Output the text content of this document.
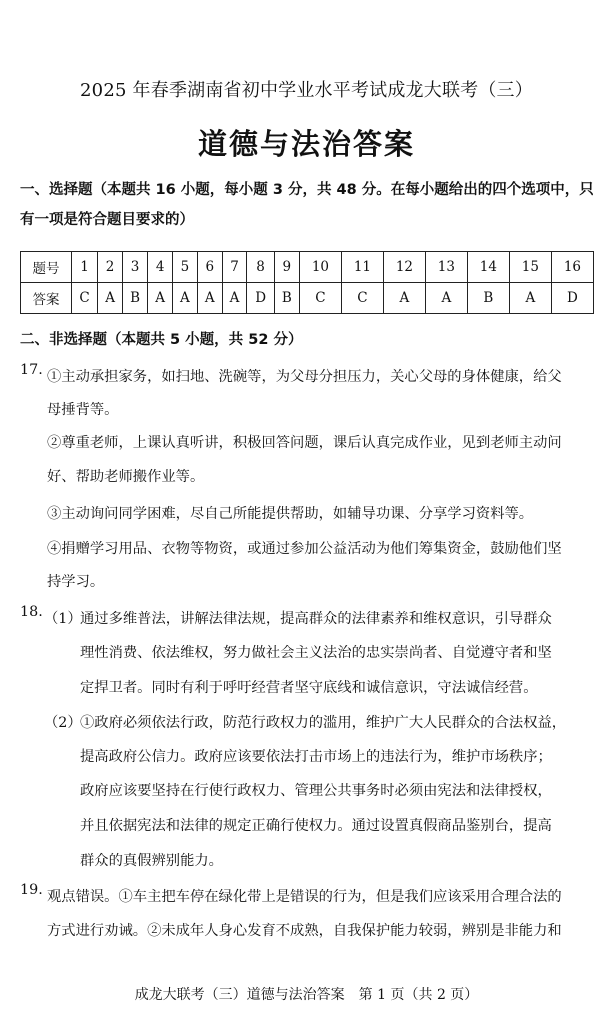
2025 年春季湖南省初中学业水平考试成龙大联考（三）
道德与法治答案
一、选择题（本题共 16 小题，每小题 3 分，共 48 分。在每小题给出的四个选项中，只
有一项是符合题目要求的）
题号	1	2	3	4	5	6	7	8	9	10	11	12	13	14	15	16
答案	C	A	B	A	A	A	A	D	B	C	C	A	A	B	A	D
二、非选择题（本题共 5 小题，共 52 分）
17. ①主动承担家务，如扫地、洗碗等，为父母分担压力，关心父母的身体健康，给父
母捶背等。
②尊重老师，上课认真听讲，积极回答问题，课后认真完成作业，见到老师主动问
好、帮助老师搬作业等。
③主动询问同学困难，尽自己所能提供帮助，如辅导功课、分享学习资料等。
④捐赠学习用品、衣物等物资，或通过参加公益活动为他们筹集资金，鼓励他们坚
持学习。
18. （1）
通过多维普法，讲解法律法规，提高群众的法律素养和维权意识，引导群众
理性消费、依法维权，努力做社会主义法治的忠实崇尚者、自觉遵守者和坚
定捍卫者。同时有利于呼吁经营者坚守底线和诚信意识，守法诚信经营。
（2）
①政府必须依法行政，防范行政权力的滥用，维护广大人民群众的合法权益，
提高政府公信力。政府应该要依法打击市场上的违法行为，维护市场秩序；
政府应该要坚持在行使行政权力、管理公共事务时必须由宪法和法律授权，
并且依据宪法和法律的规定正确行使权力。通过设置真假商品鉴别台，提高
群众的真假辨别能力。
19. 观点错误。①车主把车停在绿化带上是错误的行为，但是我们应该采用合理合法的
方式进行劝诫。②未成年人身心发育不成熟，自我保护能力较弱，辨别是非能力和
成龙大联考（三）道德与法治答案　第 1 页（共 2 页）
